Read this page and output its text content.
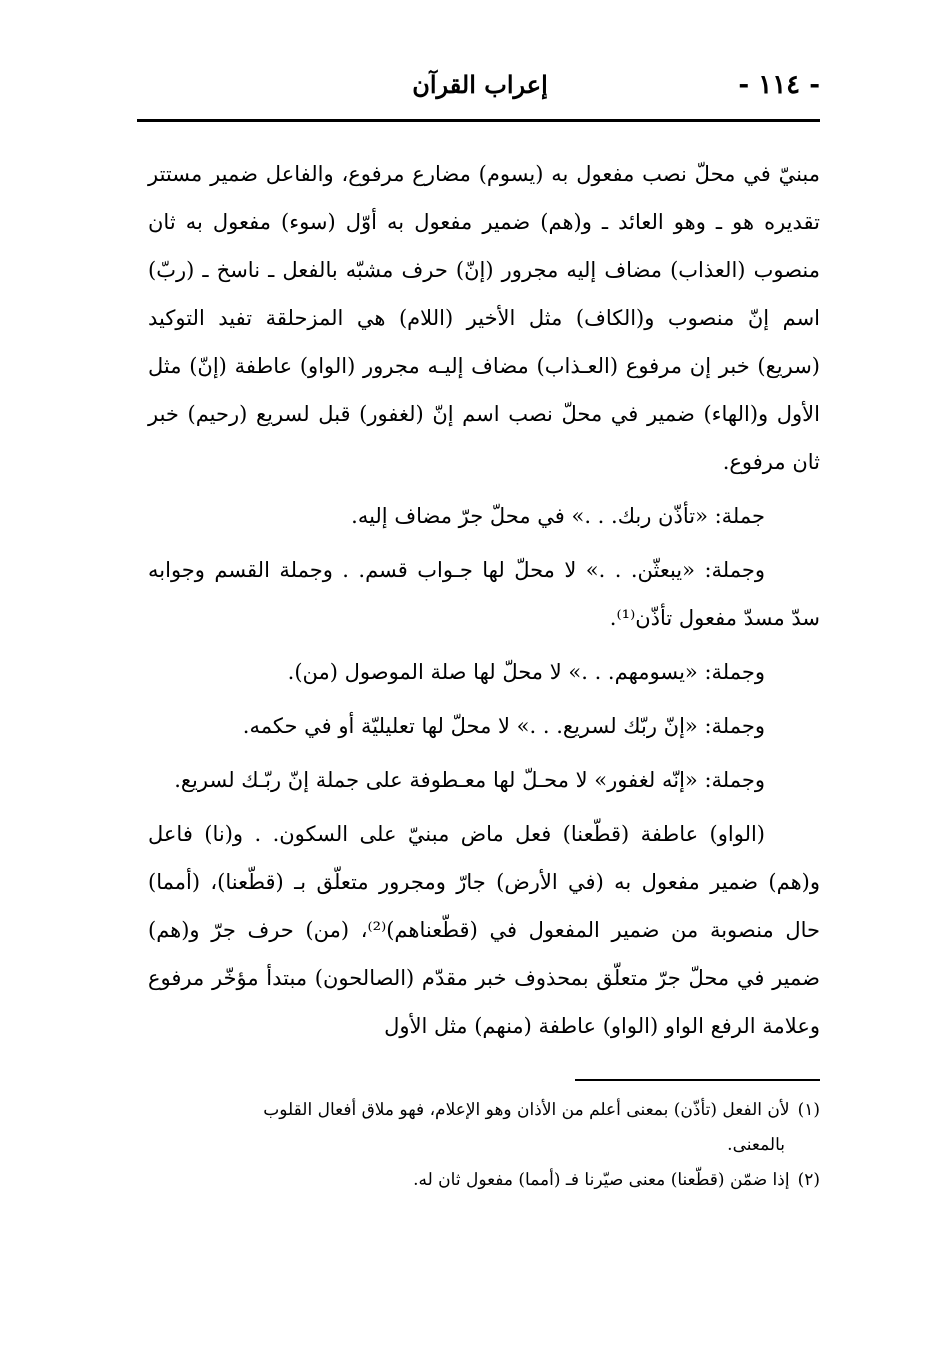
- ١١٤ -
إعراب القرآن

مبنيّ في محلّ نصب مفعول به (يسوم) مضارع مرفوع، والفاعل ضمير مستتر تقديره هو ـ وهو العائد ـ و(هم) ضمير مفعول به أوّل (سوء) مفعول به ثان منصوب (العذاب) مضاف إليه مجرور (إنّ) حرف مشبّه بالفعل ـ ناسخ ـ (ربّ) اسم إنّ منصوب و(الكاف) مثل الأخير (اللام) هي المزحلقة تفيد التوكيد (سريع) خبر إن مرفوع (العـذاب) مضاف إليـه مجرور (الواو) عاطفة (إنّ) مثل الأول و(الهاء) ضمير في محلّ نصب اسم إنّ (لغفور) قبل لسريع (رحيم) خبر ثان مرفوع.

جملة: «تأذّن ربك. . .» في محلّ جرّ مضاف إليه.

وجملة: «يبعثّن. . .» لا محلّ لها جـواب قسم. . وجملة القسم وجوابه سدّ مسدّ مفعول تأذّن⁽¹⁾.

وجملة: «يسومهم. . .» لا محلّ لها صلة الموصول (من).

وجملة: «إنّ ربّك لسريع. . .» لا محلّ لها تعليليّة أو في حكمه.

وجملة: «إنّه لغفور» لا محـلّ لها معـطوفة على جملة إنّ ربّـك لسريع.

(الواو) عاطفة (قطّعنا) فعل ماض مبنيّ على السكون. . و(نا) فاعل و(هم) ضمير مفعول به (في الأرض) جارّ ومجرور متعلّق بـ (قطّعنا)، (أمما) حال منصوبة من ضمير المفعول في (قطّعناهم)⁽²⁾، (من) حرف جرّ و(هم) ضمير في محلّ جرّ متعلّق بمحذوف خبر مقدّم (الصالحون) مبتدأ مؤخّر مرفوع وعلامة الرفع الواو (الواو) عاطفة (منهم) مثل الأول

(١)لأن الفعل (تأذّن) بمعنى أعلم من الأذان وهو الإعلام، فهو ملاق أفعال القلوب

بالمعنى.

(٢)إذا ضمّن (قطّعنا) معنى صيّرنا فـ (أمما) مفعول ثان له.
